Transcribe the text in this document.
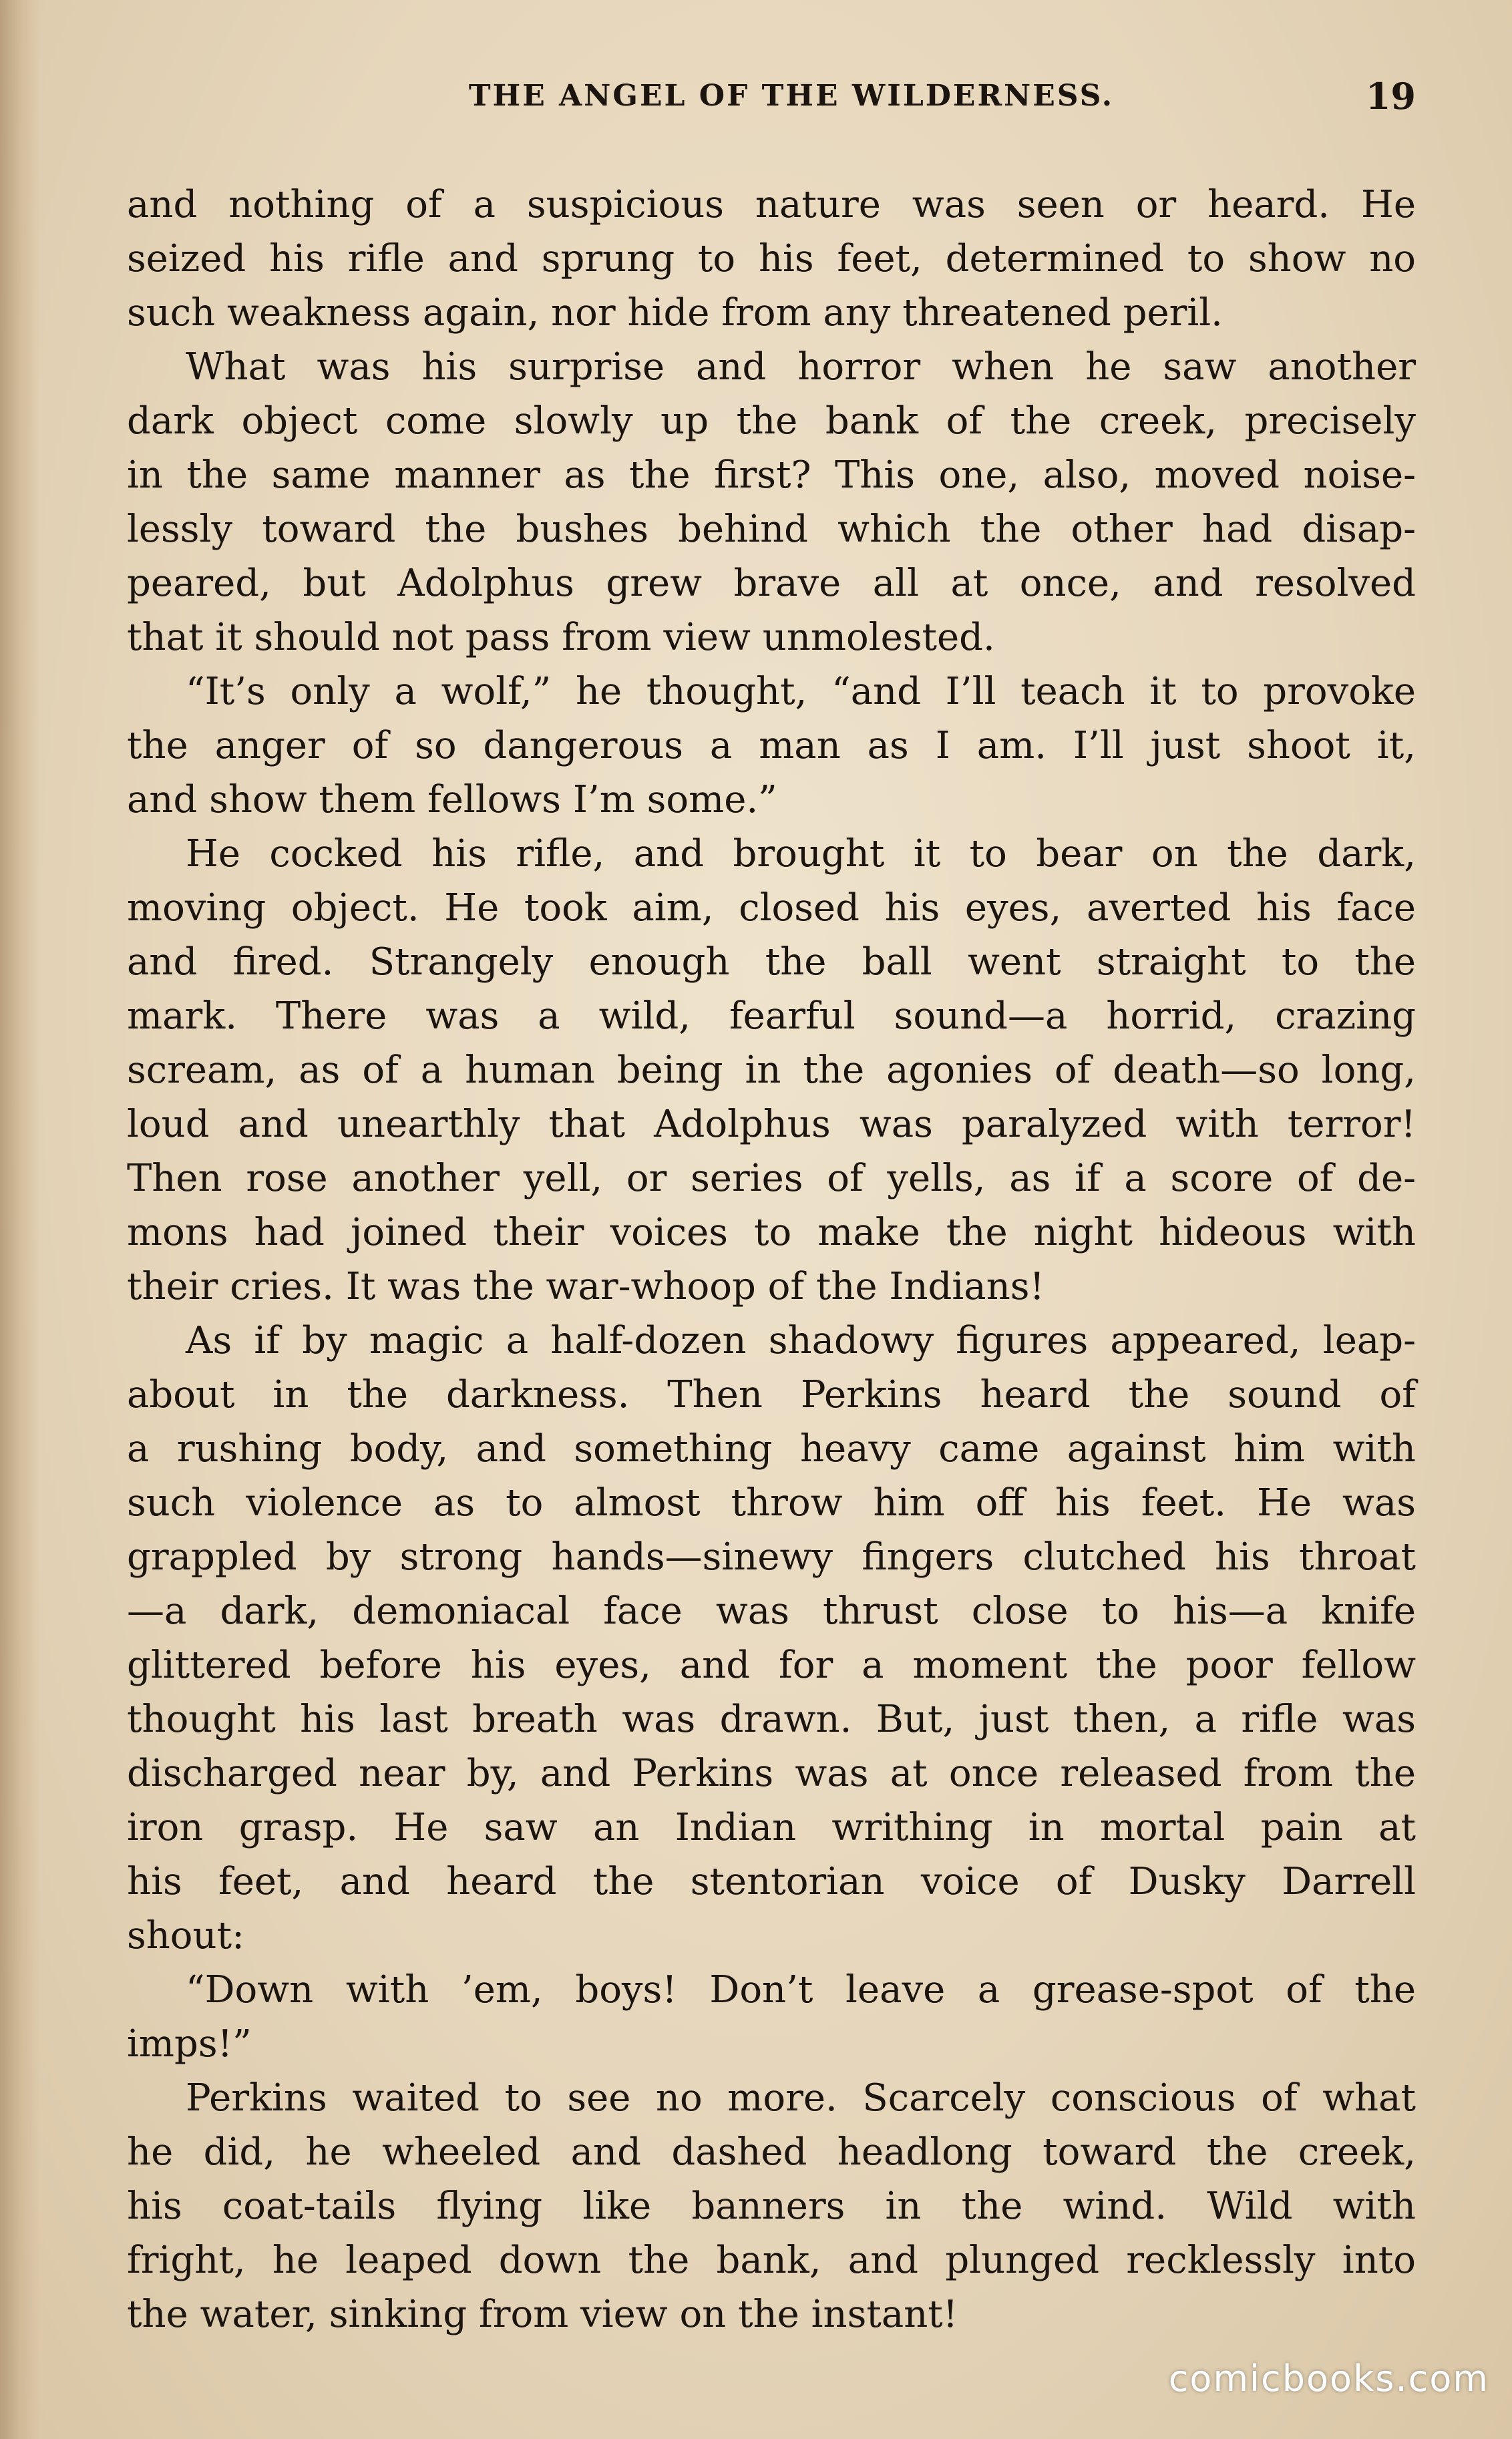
THE ANGEL OF THE WILDERNESS.	19
and nothing of a suspicious nature was seen or heard. He
seized his rifle and sprung to his feet, determined to show no
such weakness again, nor hide from any threatened peril.
What was his surprise and horror when he saw another
dark object come slowly up the bank of the creek, precisely
in the same manner as the first? This one, also, moved noise-
lessly toward the bushes behind which the other had disap-
peared, but Adolphus grew brave all at once, and resolved
that it should not pass from view unmolested.
“It’s only a wolf,” he thought, “and I’ll teach it to provoke
the anger of so dangerous a man as I am. I’ll just shoot it,
and show them fellows I’m some.”
He cocked his rifle, and brought it to bear on the dark,
moving object. He took aim, closed his eyes, averted his face
and fired. Strangely enough the ball went straight to the
mark. There was a wild, fearful sound—a horrid, crazing
scream, as of a human being in the agonies of death—so long,
loud and unearthly that Adolphus was paralyzed with terror!
Then rose another yell, or series of yells, as if a score of de-
mons had joined their voices to make the night hideous with
their cries. It was the war-whoop of the Indians!
As if by magic a half-dozen shadowy figures appeared, leap-
about in the darkness. Then Perkins heard the sound of
a rushing body, and something heavy came against him with
such violence as to almost throw him off his feet. He was
grappled by strong hands—sinewy fingers clutched his throat
—a dark, demoniacal face was thrust close to his—a knife
glittered before his eyes, and for a moment the poor fellow
thought his last breath was drawn. But, just then, a rifle was
discharged near by, and Perkins was at once released from the
iron grasp. He saw an Indian writhing in mortal pain at
his feet, and heard the stentorian voice of Dusky Darrell
shout:
“Down with ’em, boys! Don’t leave a grease-spot of the
imps!”
Perkins waited to see no more. Scarcely conscious of what
he did, he wheeled and dashed headlong toward the creek,
his coat-tails flying like banners in the wind. Wild with
fright, he leaped down the bank, and plunged recklessly into
the water, sinking from view on the instant!
comicbooks.com
